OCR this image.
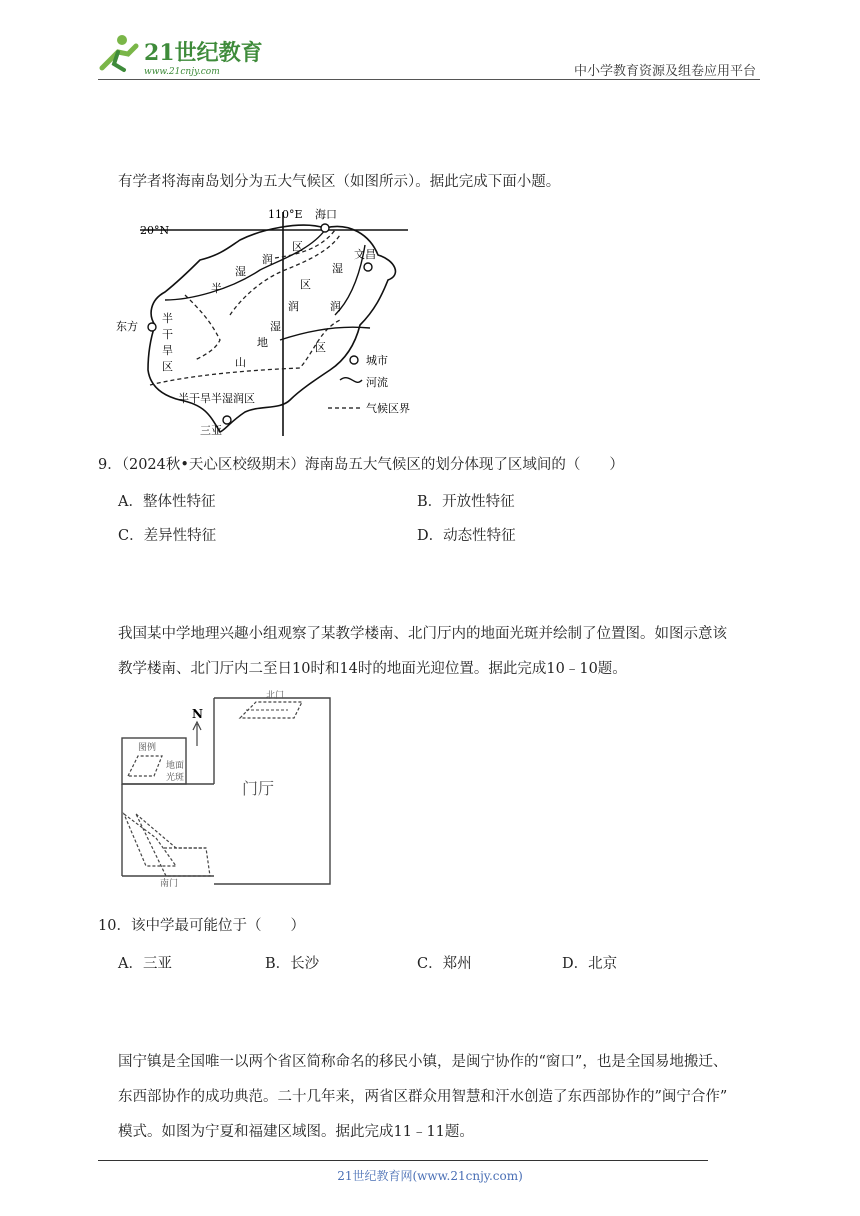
21世纪教育
www.21cnjy.com	中小学教育资源及组卷应用平台
有学者将海南岛划分为五大气候区（如图所示）。据此完成下面小题。
110°E
20°N
海口
文昌
东方
三亚
半
湿
润
区
湿
区
润	润
湿
区
地
山
半
干
旱
区
半干旱半湿润区
城市
河流
气候区界
9．（2024秋•天心区校级期末）海南岛五大气候区的划分体现了区域间的（　　）
A．整体性特征	B．开放性特征
C．差异性特征	D．动态性特征
我国某中学地理兴趣小组观察了某教学楼南、北门厅内的地面光斑并绘制了位置图。如图示意该
教学楼南、北门厅内二至日10时和14时的地面光迎位置。据此完成10﹣10题。
N
北门
南门
门厅
图例
地面
光斑
10．该中学最可能位于（　　）
A．三亚	B．长沙	C．郑州	D．北京
国宁镇是全国唯一以两个省区简称命名的移民小镇，是闽宁协作的“窗口”，也是全国易地搬迁、
东西部协作的成功典范。二十几年来，两省区群众用智慧和汗水创造了东西部协作的”闽宁合作”
模式。如图为宁夏和福建区域图。据此完成11﹣11题。
21世纪教育网(www.21cnjy.com)
